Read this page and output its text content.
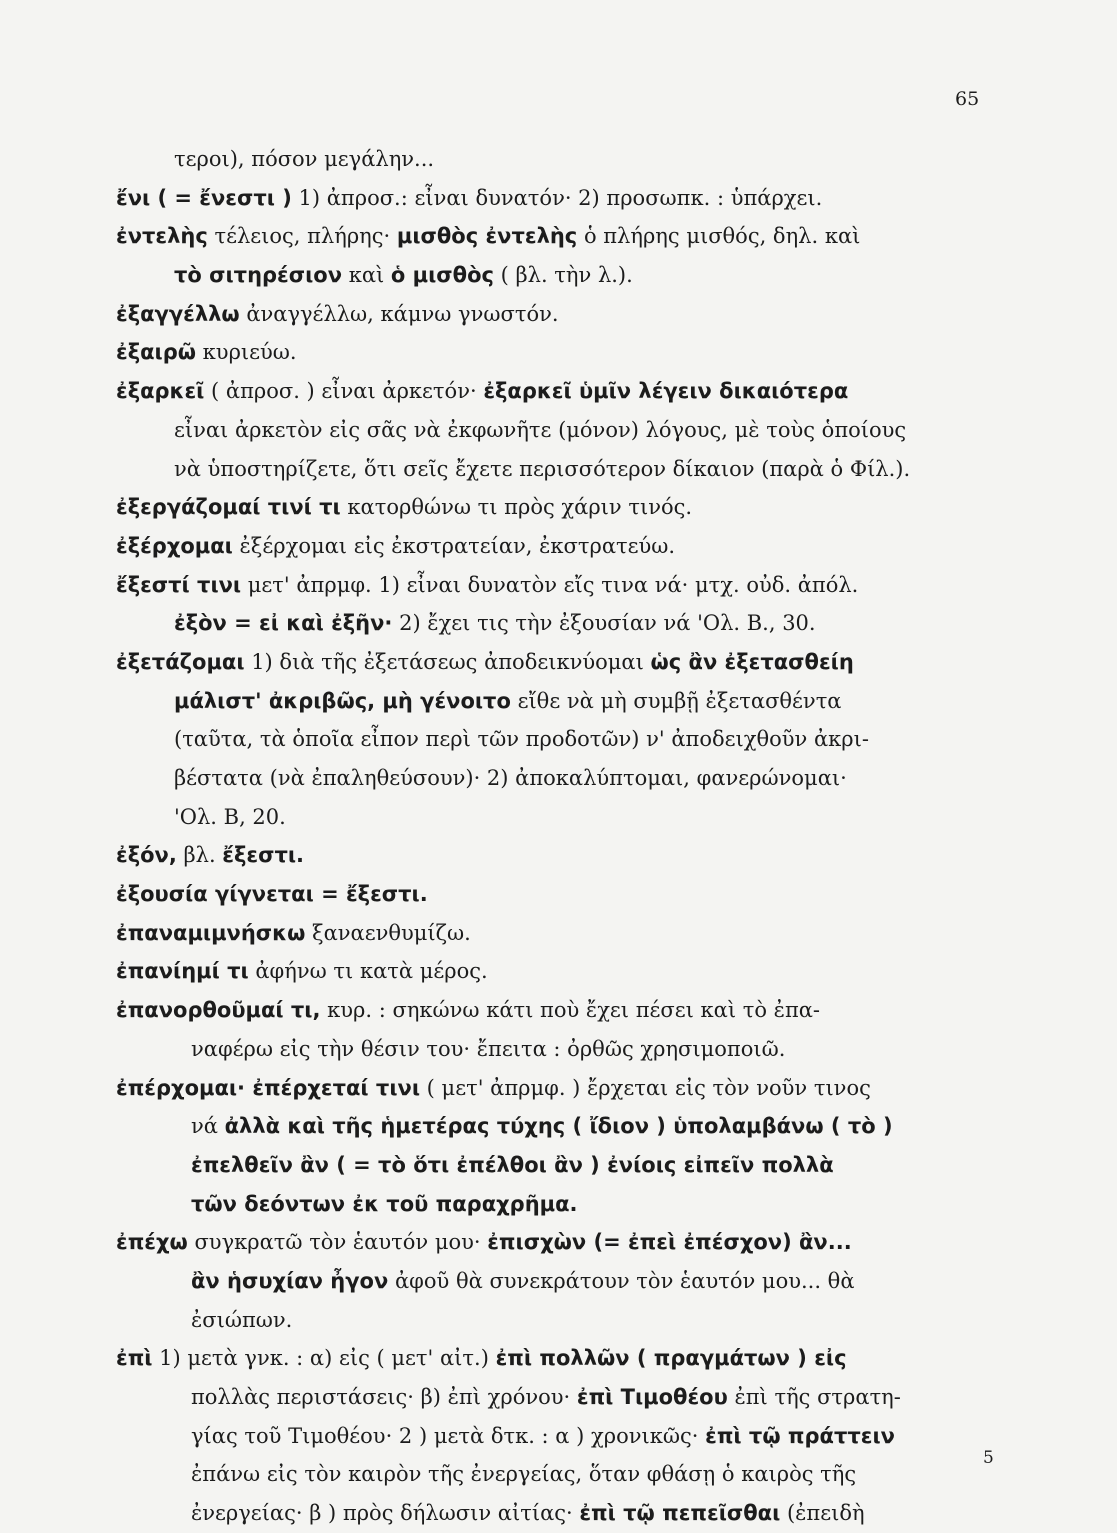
65
τεροι), πόσον μεγάλην...
ἔνι ( = ἔνεστι ) 1) ἀπροσ.: εἶναι δυνατόν· 2) προσωπκ. : ὑπάρχει.
ἐντελὴς τέλειος, πλήρης· μισθὸς ἐντελὴς ὁ πλήρης μισθός, δηλ. καὶ
τὸ σιτηρέσιον καὶ ὁ μισθὸς ( βλ. τὴν λ.).
ἐξαγγέλλω ἀναγγέλλω, κάμνω γνωστόν.
ἐξαιρῶ κυριεύω.
ἐξαρκεῖ ( ἀπροσ. ) εἶναι ἀρκετόν· ἐξαρκεῖ ὑμῖν λέγειν δικαιότερα
εἶναι ἀρκετὸν εἰς σᾶς νὰ ἐκφωνῆτε (μόνον) λόγους, μὲ τοὺς ὁποίους
νὰ ὑποστηρίζετε, ὅτι σεῖς ἔχετε περισσότερον δίκαιον (παρὰ ὁ Φίλ.).
ἐξεργάζομαί τινί τι κατορθώνω τι πρὸς χάριν τινός.
ἐξέρχομαι ἐξέρχομαι εἰς ἐκστρατείαν, ἐκστρατεύω.
ἔξεστί τινι μετ' ἀπρμφ. 1) εἶναι δυνατὸν εἴς τινα νά· μτχ. οὐδ. ἀπόλ.
ἐξὸν = εἰ καὶ ἐξῆν· 2) ἔχει τις τὴν ἐξουσίαν νά 'Ολ. Β., 30.
ἐξετάζομαι 1) διὰ τῆς ἐξετάσεως ἀποδεικνύομαι ὡς ἂν ἐξετασθείη
μάλιστ' ἀκριβῶς, μὴ γένοιτο εἴθε νὰ μὴ συμβῇ ἐξετασθέντα
(ταῦτα, τὰ ὁποῖα εἶπον περὶ τῶν προδοτῶν) ν' ἀποδειχθοῦν ἀκρι-
βέστατα (νὰ ἐπαληθεύσουν)· 2) ἀποκαλύπτομαι, φανερώνομαι·
'Ολ. Β, 20.
ἐξόν, βλ. ἔξεστι.
ἐξουσία γίγνεται = ἔξεστι.
ἐπαναμιμνήσκω ξαναενθυμίζω.
ἐπανίημί τι ἀφήνω τι κατὰ μέρος.
ἐπανορθοῦμαί τι, κυρ. : σηκώνω κάτι ποὺ ἔχει πέσει καὶ τὸ ἐπα-
ναφέρω εἰς τὴν θέσιν του· ἔπειτα : ὀρθῶς χρησιμοποιῶ.
ἐπέρχομαι· ἐπέρχεταί τινι ( μετ' ἀπρμφ. ) ἔρχεται εἰς τὸν νοῦν τινος
νά ἀλλὰ καὶ τῆς ἡμετέρας τύχης ( ἴδιον ) ὑπολαμβάνω ( τὸ )
ἐπελθεῖν ἂν ( = τὸ ὅτι ἐπέλθοι ἂν ) ἐνίοις εἰπεῖν πολλὰ
τῶν δεόντων ἐκ τοῦ παραχρῆμα.
ἐπέχω συγκρατῶ τὸν ἑαυτόν μου· ἐπισχὼν (= ἐπεὶ ἐπέσχον) ἂν...
ἂν ἡσυχίαν ἦγον ἀφοῦ θὰ συνεκράτουν τὸν ἑαυτόν μου... θὰ
ἐσιώπων.
ἐπὶ 1) μετὰ γνκ. : α) εἰς ( μετ' αἰτ.) ἐπὶ πολλῶν ( πραγμάτων ) εἰς
πολλὰς περιστάσεις· β) ἐπὶ χρόνου· ἐπὶ Τιμοθέου ἐπὶ τῆς στρατη-
γίας τοῦ Τιμοθέου· 2 ) μετὰ δτκ. : α ) χρονικῶς· ἐπὶ τῷ πράττειν
ἐπάνω εἰς τὸν καιρὸν τῆς ἐνεργείας, ὅταν φθάσῃ ὁ καιρὸς τῆς
ἐνεργείας· β ) πρὸς δήλωσιν αἰτίας· ἐπὶ τῷ πεπεῖσθαι (ἐπειδὴ
5
